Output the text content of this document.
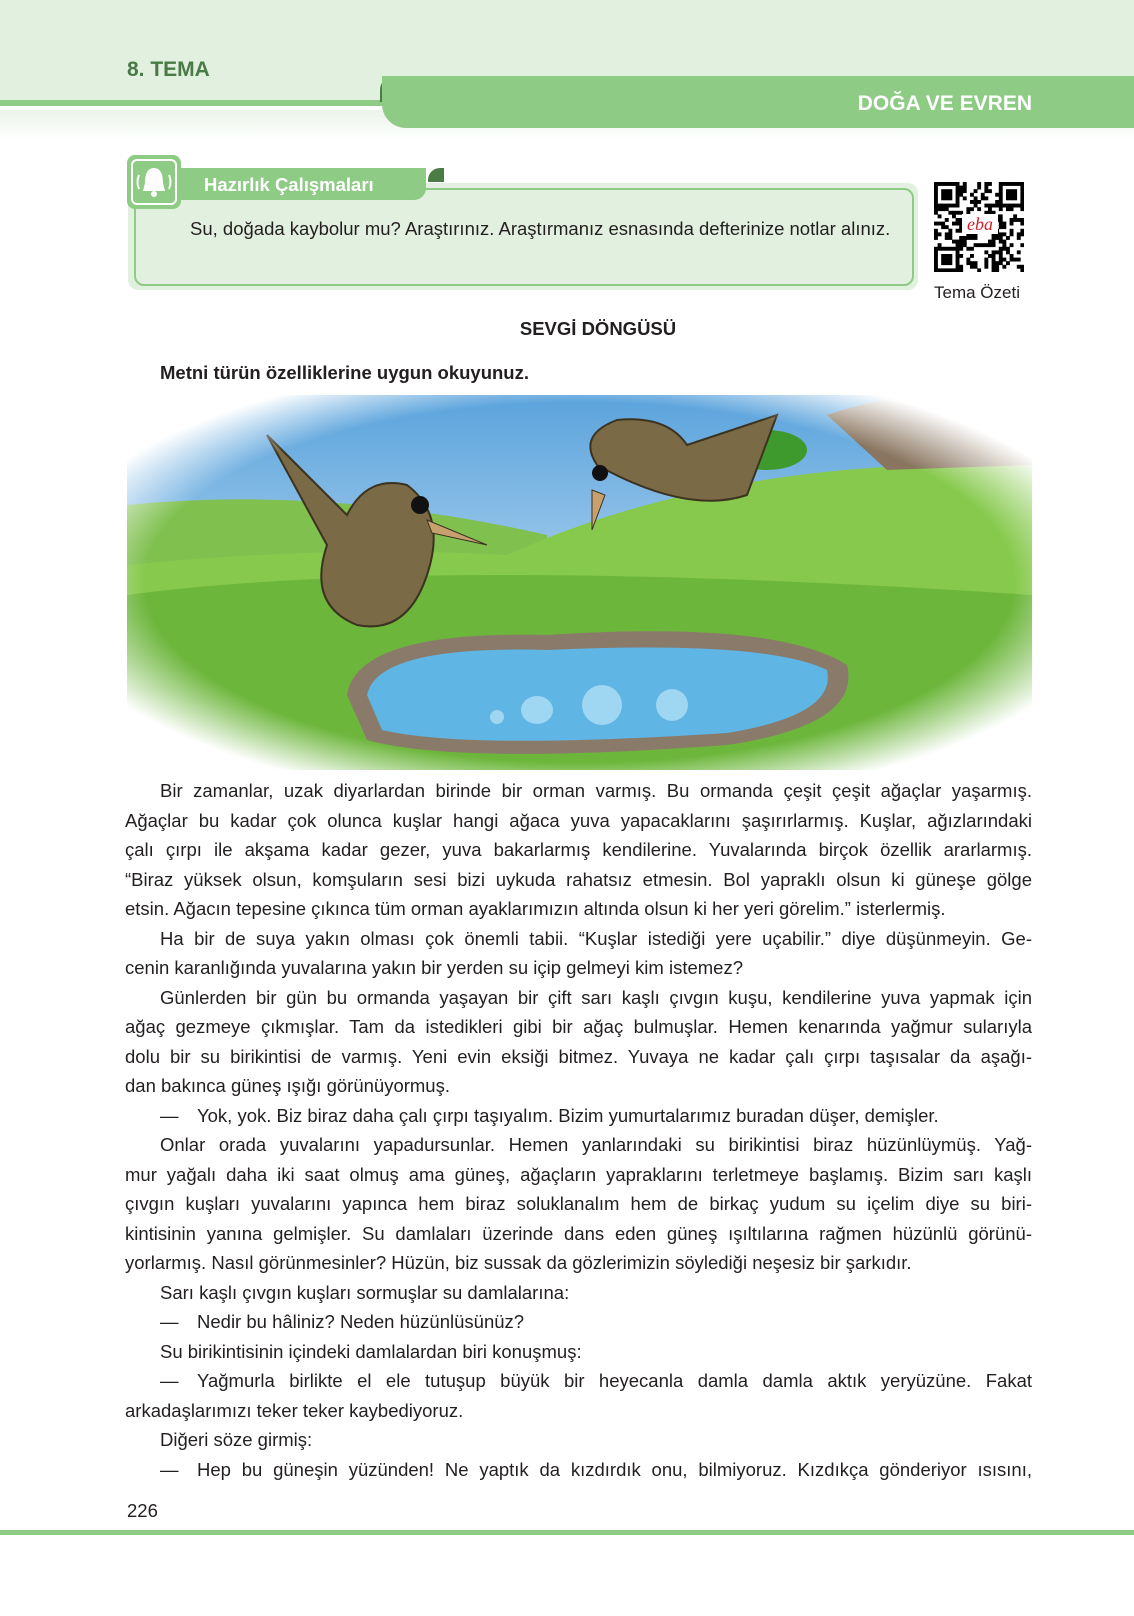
8. TEMA
DOĞA VE EVREN
Hazırlık Çalışmaları
Su, doğada kaybolur mu? Araştırınız. Araştırmanız esnasında defterinize notlar alınız.	eba
Tema Özeti
SEVGİ DÖNGÜSÜ
Metni türün özelliklerine uygun okuyunuz.
Bir zamanlar, uzak diyarlardan birinde bir orman varmış. Bu ormanda çeşit çeşit ağaçlar yaşarmış.
Ağaçlar bu kadar çok olunca kuşlar hangi ağaca yuva yapacaklarını şaşırırlarmış. Kuşlar, ağızlarındaki
çalı çırpı ile akşama kadar gezer, yuva bakarlarmış kendilerine. Yuvalarında birçok özellik ararlarmış.
“Biraz yüksek olsun, komşuların sesi bizi uykuda rahatsız etmesin. Bol yapraklı olsun ki güneşe gölge
etsin. Ağacın tepesine çıkınca tüm orman ayaklarımızın altında olsun ki her yeri görelim.” isterlermiş.
Ha bir de suya yakın olması çok önemli tabii. “Kuşlar istediği yere uçabilir.” diye düşünmeyin. Ge-
cenin karanlığında yuvalarına yakın bir yerden su içip gelmeyi kim istemez?
Günlerden bir gün bu ormanda yaşayan bir çift sarı kaşlı çıvgın kuşu, kendilerine yuva yapmak için
ağaç gezmeye çıkmışlar. Tam da istedikleri gibi bir ağaç bulmuşlar. Hemen kenarında yağmur sularıyla
dolu bir su birikintisi de varmış. Yeni evin eksiği bitmez. Yuvaya ne kadar çalı çırpı taşısalar da aşağı-
dan bakınca güneş ışığı görünüyormuş.
— Yok, yok. Biz biraz daha çalı çırpı taşıyalım. Bizim yumurtalarımız buradan düşer, demişler.
Onlar orada yuvalarını yapadursunlar. Hemen yanlarındaki su birikintisi biraz hüzünlüymüş. Yağ-
mur yağalı daha iki saat olmuş ama güneş, ağaçların yapraklarını terletmeye başlamış. Bizim sarı kaşlı
çıvgın kuşları yuvalarını yapınca hem biraz soluklanalım hem de birkaç yudum su içelim diye su biri-
kintisinin yanına gelmişler. Su damlaları üzerinde dans eden güneş ışıltılarına rağmen hüzünlü görünü-
yorlarmış. Nasıl görünmesinler? Hüzün, biz sussak da gözlerimizin söylediği neşesiz bir şarkıdır.
Sarı kaşlı çıvgın kuşları sormuşlar su damlalarına:
— Nedir bu hâliniz? Neden hüzünlüsünüz?
Su birikintisinin içindeki damlalardan biri konuşmuş:
— Yağmurla birlikte el ele tutuşup büyük bir heyecanla damla damla aktık yeryüzüne. Fakat
arkadaşlarımızı teker teker kaybediyoruz.
Diğeri söze girmiş:
— Hep bu güneşin yüzünden! Ne yaptık da kızdırdık onu, bilmiyoruz. Kızdıkça gönderiyor ısısını,
226
